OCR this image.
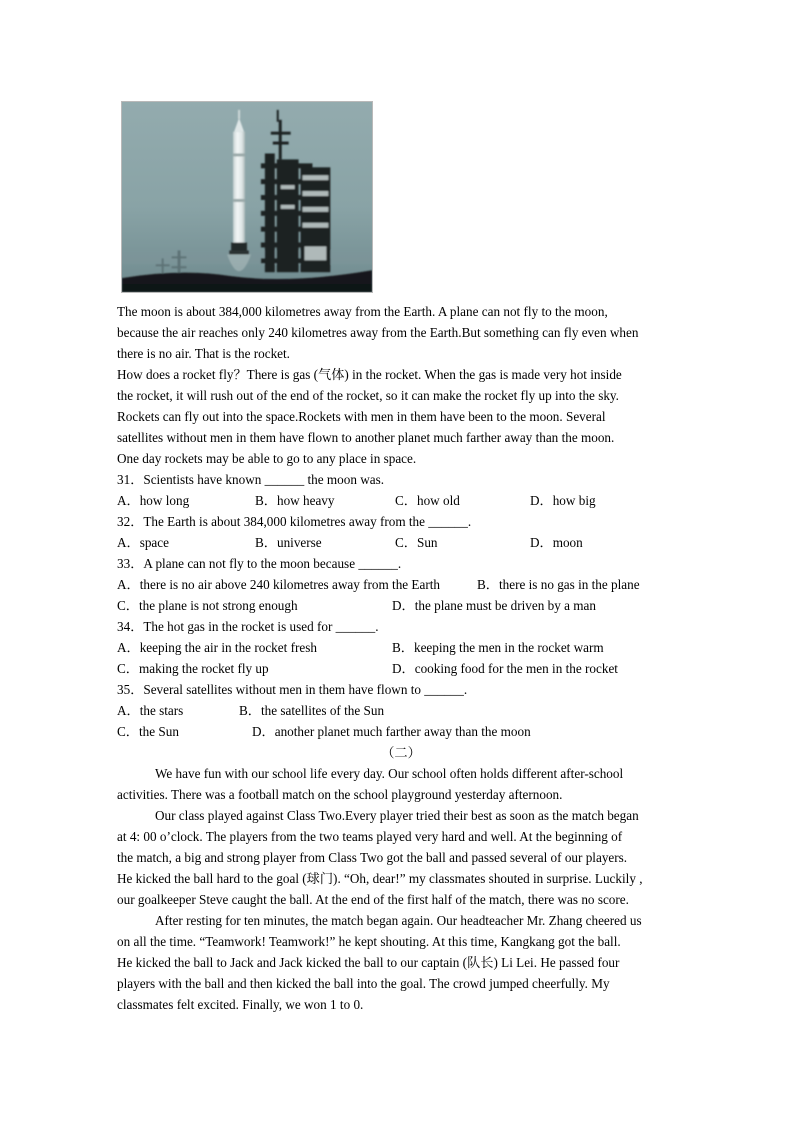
The moon is about 384,000 kilometres away from the Earth. A plane can not fly to the moon,
because the air reaches only 240 kilometres away from the Earth.But something can fly even when
there is no air. That is the rocket.
How does a rocket fly？There is gas (气体) in the rocket. When the gas is made very hot inside
the rocket, it will rush out of the end of the rocket, so it can make the rocket fly up into the sky.
Rockets can fly out into the space.Rockets with men in them have been to the moon. Several
satellites without men in them have flown to another planet much farther away than the moon.
One day rockets may be able to go to any place in space.
31．Scientists have known ______ the moon was.
A．how long	B．how heavy	C．how old	D．how big
32．The Earth is about 384,000 kilometres away from the ______.
A．space	B．universe	C．Sun	D．moon
33．A plane can not fly to the moon because ______.
A．there is no air above 240 kilometres away from the Earth	B．there is no gas in the plane
C．the plane is not strong enough	D．the plane must be driven by a man
34．The hot gas in the rocket is used for ______.
A．keeping the air in the rocket fresh	B．keeping the men in the rocket warm
C．making the rocket fly up	D．cooking food for the men in the rocket
35．Several satellites without men in them have flown to ______.
A．the stars	B．the satellites of the Sun
C．the Sun	D．another planet much farther away than the moon
（二）
We have fun with our school life every day. Our school often holds different after-school
activities. There was a football match on the school playground yesterday afternoon.
Our class played against Class Two.Every player tried their best as soon as the match began
at 4: 00 o’clock. The players from the two teams played very hard and well. At the beginning of
the match, a big and strong player from Class Two got the ball and passed several of our players.
He kicked the ball hard to the goal (球门). “Oh, dear!” my classmates shouted in surprise. Luckily ,
our goalkeeper Steve caught the ball. At the end of the first half of the match, there was no score.
After resting for ten minutes, the match began again. Our headteacher Mr. Zhang cheered us
on all the time. “Teamwork! Teamwork!” he kept shouting. At this time, Kangkang got the ball.
He kicked the ball to Jack and Jack kicked the ball to our captain (队长) Li Lei. He passed four
players with the ball and then kicked the ball into the goal. The crowd jumped cheerfully. My
classmates felt excited. Finally, we won 1 to 0.
